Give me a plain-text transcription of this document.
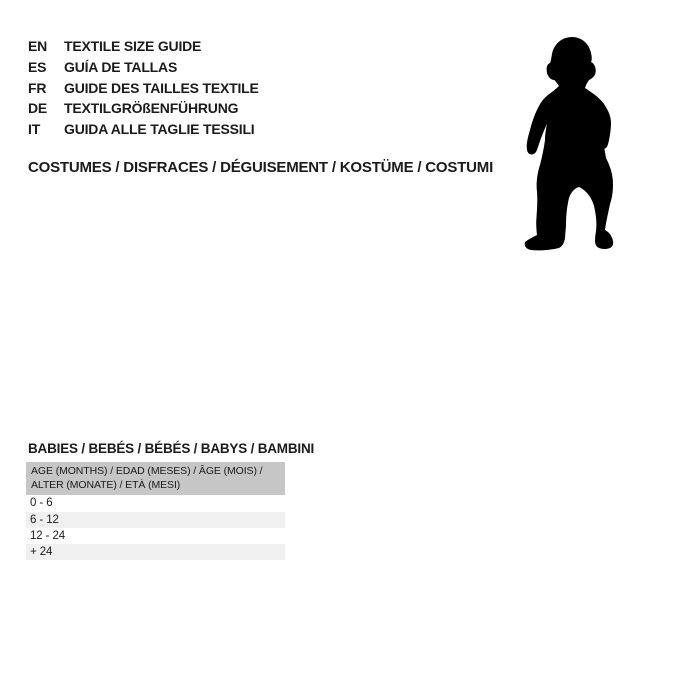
EN	TEXTILE SIZE GUIDE
ES	GUÍA DE TALLAS
FR	GUIDE DES TAILLES TEXTILE
DE	TEXTILGRÖßENFÜHRUNG
IT	GUIDA ALLE TAGLIE TESSILI
COSTUMES / DISFRACES / DÉGUISEMENT / KOSTÜME / COSTUMI
BABIES / BEBÉS / BÉBÉS / BABYS / BAMBINI
AGE (MONTHS) / EDAD (MESES) / ÂGE (MOIS) /
ALTER (MONATE) / ETÀ (MESI)
0 - 6
6 - 12
12 - 24
+ 24
